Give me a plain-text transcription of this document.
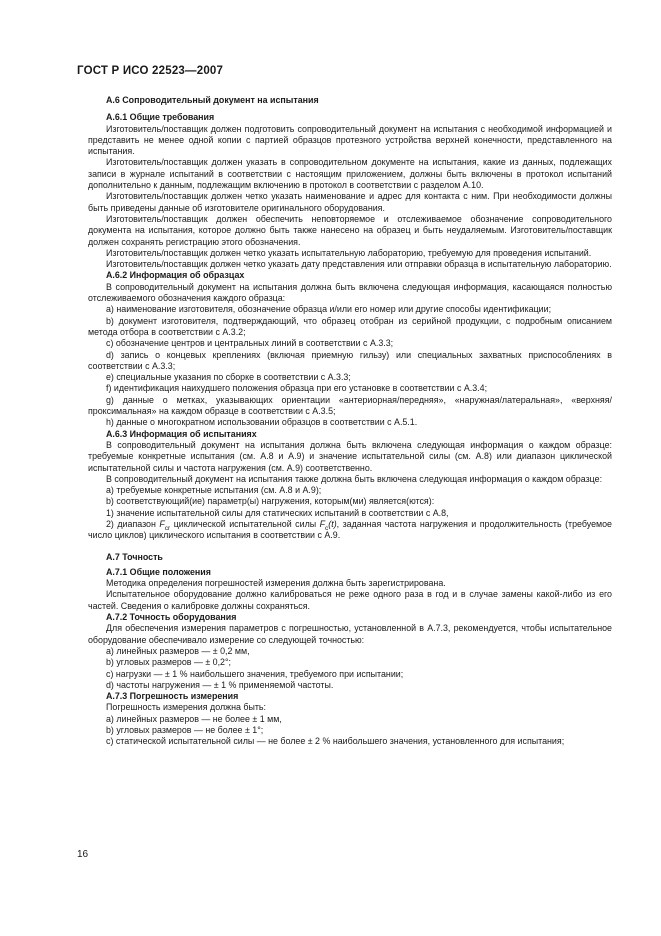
ГОСТ Р ИСО 22523—2007
А.6 Сопроводительный документ на испытания
А.6.1 Общие требования

Изготовитель/поставщик должен подготовить сопроводительный документ на испытания с необходимой информацией и представить не менее одной копии с партией образцов протезного устройства верхней конечности, представленного на испытания.

Изготовитель/поставщик должен указать в сопроводительном документе на испытания, какие из данных, подлежащих записи в журнале испытаний в соответствии с настоящим приложением, должны быть включены в протокол испытаний дополнительно к данным, подлежащим включению в протокол в соответствии с разделом А.10.

Изготовитель/поставщик должен четко указать наименование и адрес для контакта с ним. При необходимости должны быть приведены данные об изготовителе оригинального оборудования.

Изготовитель/поставщик должен обеспечить неповторяемое и отслеживаемое обозначение сопроводительного документа на испытания, которое должно быть также нанесено на образец и быть неудаляемым. Изготовитель/поставщик должен сохранять регистрацию этого обозначения.

Изготовитель/поставщик должен четко указать испытательную лабораторию, требуемую для проведения испытаний.

Изготовитель/поставщик должен четко указать дату представления или отправки образца в испытательную лабораторию.

А.6.2 Информация об образцах

В сопроводительный документ на испытания должна быть включена следующая информация, касающаяся полностью отслеживаемого обозначения каждого образца:

а) наименование изготовителя, обозначение образца и/или его номер или другие способы идентификации;

b) документ изготовителя, подтверждающий, что образец отобран из серийной продукции, с подробным описанием метода отбора в соответствии с А.3.2;

с) обозначение центров и центральных линий в соответствии с А.3.3;

d) запись о концевых креплениях (включая приемную гильзу) или специальных захватных приспособлениях в соответствии с А.3.3;

е) специальные указания по сборке в соответствии с А.3.3;

f) идентификация наихудшего положения образца при его установке в соответствии с А.3.4;

g) данные о метках, указывающих ориентации «антериорная/передняя», «наружная/латеральная», «верхняя/проксимальная» на каждом образце в соответствии с А.3.5;

h) данные о многократном использовании образцов в соответствии с А.5.1.

А.6.3 Информация об испытаниях

В сопроводительный документ на испытания должна быть включена следующая информация о каждом образце: требуемые конкретные испытания (см. А.8 и А.9) и значение испытательной силы (см. А.8) или диапазон циклической испытательной силы и частота нагружения (см. А.9) соответственно.

В сопроводительный документ на испытания также должна быть включена следующая информация о каждом образце:

а) требуемые конкретные испытания (см. А.8 и А.9);

b) соответствующий(ие) параметр(ы) нагружения, которым(ми) является(ются):

1) значение испытательной силы для статических испытаний в соответствии с А.8,

2) диапазон $F_{cr}$ циклической испытательной силы $F_c(t)$, заданная частота нагружения и продолжительность (требуемое число циклов) циклического испытания в соответствии с А.9.

А.7 Точность
А.7.1 Общие положения

Методика определения погрешностей измерения должна быть зарегистрирована.

Испытательное оборудование должно калиброваться не реже одного раза в год и в случае замены какой-либо из его частей. Сведения о калибровке должны сохраняться.

А.7.2 Точность оборудования

Для обеспечения измерения параметров с погрешностью, установленной в А.7.3, рекомендуется, чтобы испытательное оборудование обеспечивало измерение со следующей точностью:

а) линейных размеров — ± 0,2 мм,

b) угловых размеров — ± 0,2°;

с) нагрузки — ± 1 % наибольшего значения, требуемого при испытании;

d) частоты нагружения — ± 1 % применяемой частоты.

А.7.3 Погрешность измерения

Погрешность измерения должна быть:

а) линейных размеров — не более ± 1 мм,

b) угловых размеров — не более ± 1°;

с) статической испытательной силы — не более ± 2 % наибольшего значения, установленного для испытания;

16
